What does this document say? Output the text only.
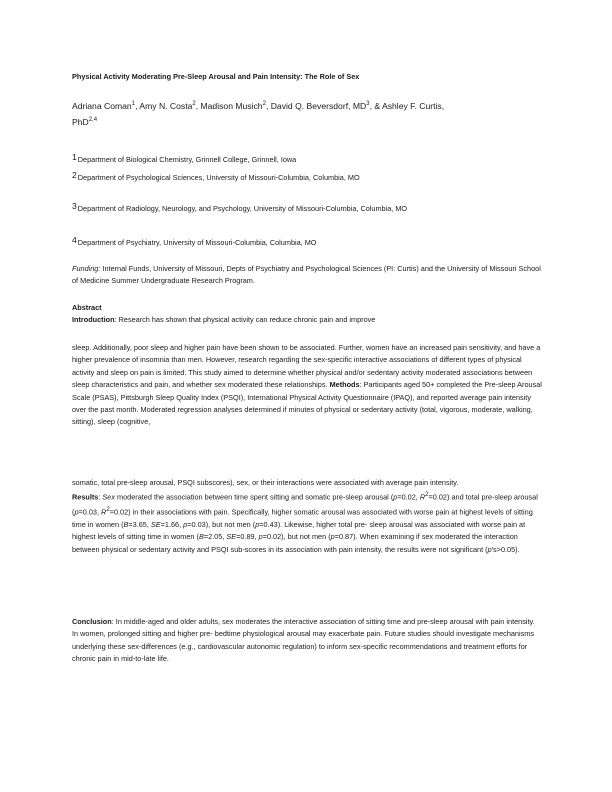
Physical Activity Moderating Pre-Sleep Arousal and Pain Intensity: The Role of Sex
Adriana Coman$^1$, Amy N. Costa$^2$, Madison Musich$^2$, David Q. Beversdorf, $MD^3$, & Ashley F. Curtis,
PhD$^{2,4}$
1Department of Biological Chemistry, Grinnell College, Grinnell, Iowa
2Department of Psychological Sciences, University of Missouri-Columbia, Columbia, MO
3Department of Radiology, Neurology, and Psychology, University of Missouri-Columbia, Columbia, MO
4Department of Psychiatry, University of Missouri-Columbia, Columbia, MO
Funding: Internal Funds, University of Missouri, Depts of Psychiatry and Psychological Sciences (PI: Curtis) and the University of Missouri School of Medicine Summer Undergraduate Research Program.

Abstract

Introduction: Research has shown that physical activity can reduce chronic pain and improve

sleep. Additionally, poor sleep and higher pain have been shown to be associated. Further, women have an increased pain sensitivity, and have a higher prevalence of insomnia than men. However, research regarding the sex-specific interactive associations of different types of physical activity and sleep on pain is limited. This study aimed to determine whether physical and/or sedentary activity moderated associations between sleep characteristics and pain, and whether sex moderated these relationships. Methods: Participants aged 50+ completed the Pre-sleep Arousal Scale (PSAS), Pittsburgh Sleep Quality Index (PSQI), International Physical Activity Questionnaire (IPAQ), and reported average pain intensity over the past month. Moderated regression analyses determined if minutes of physical or sedentary activity (total, vigorous, moderate, walking, sitting), sleep (cognitive,

somatic, total pre-sleep arousal, PSQI subscores), sex, or their interactions were associated with average pain intensity.

Results: Sex moderated the association between time spent sitting and somatic pre-sleep arousal (p=0.02, $R^2=0.02$) and total pre-sleep arousal (p=0.03, $R^2=0.02$) in their associations with pain. Specifically, higher somatic arousal was associated with worse pain at highest levels of sitting time in women (B=3.65, SE=1.66, p=0.03), but not men (p=0.43). Likewise, higher total pre- sleep arousal was associated with worse pain at highest levels of sitting time in women (B=2.05, SE=0.89, p=0.02), but not men (p=0.87). When examining if sex moderated the interaction between physical or sedentary activity and PSQI sub-scores in its association with pain intensity, the results were not significant (p's>0.05).

Conclusion: In middle-aged and older adults, sex moderates the interactive association of sitting time and pre-sleep arousal with pain intensity. In women, prolonged sitting and higher pre- bedtime physiological arousal may exacerbate pain. Future studies should investigate mechanisms underlying these sex-differences (e.g., cardiovascular autonomic regulation) to inform sex-specific recommendations and treatment efforts for chronic pain in mid-to-late life.
